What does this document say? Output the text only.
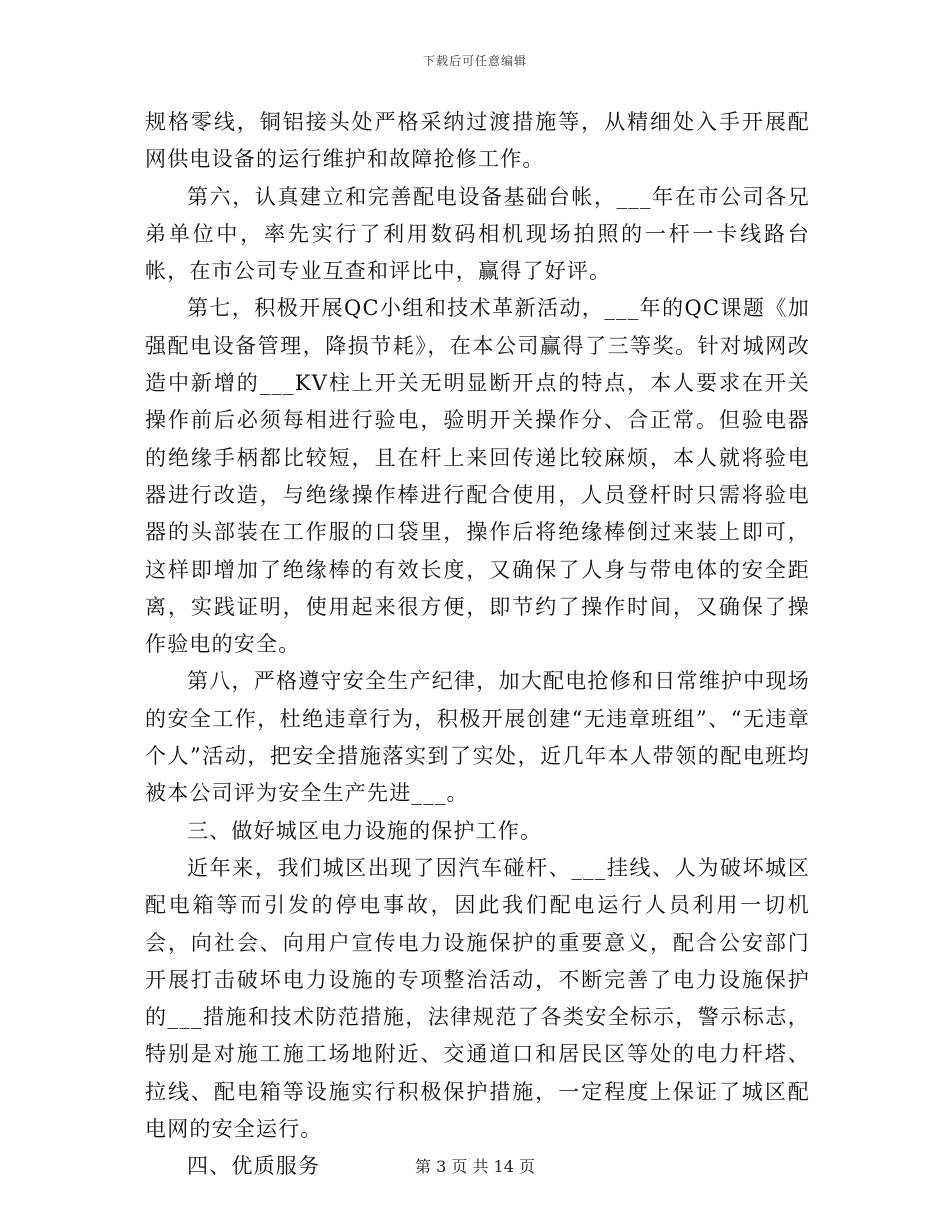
下载后可任意编辑

规格零线，铜铝接头处严格采纳过渡措施等，从精细处入手开展配网供电设备的运行维护和故障抢修工作。

第六，认真建立和完善配电设备基础台帐，___年在市公司各兄弟单位中，率先实行了利用数码相机现场拍照的一杆一卡线路台帐，在市公司专业互查和评比中，赢得了好评。

第七，积极开展QC小组和技术革新活动，___年的QC课题《加强配电设备管理，降损节耗》，在本公司赢得了三等奖。针对城网改造中新增的___KV柱上开关无明显断开点的特点，本人要求在开关操作前后必须每相进行验电，验明开关操作分、合正常。但验电器的绝缘手柄都比较短，且在杆上来回传递比较麻烦，本人就将验电器进行改造，与绝缘操作棒进行配合使用，人员登杆时只需将验电器的头部装在工作服的口袋里，操作后将绝缘棒倒过来装上即可，这样即增加了绝缘棒的有效长度，又确保了人身与带电体的安全距离，实践证明，使用起来很方便，即节约了操作时间，又确保了操作验电的安全。

第八，严格遵守安全生产纪律，加大配电抢修和日常维护中现场的安全工作，杜绝违章行为，积极开展创建“无违章班组”、“无违章个人”活动，把安全措施落实到了实处，近几年本人带领的配电班均被本公司评为安全生产先进___。

三、做好城区电力设施的保护工作。

近年来，我们城区出现了因汽车碰杆、___挂线、人为破坏城区配电箱等而引发的停电事故，因此我们配电运行人员利用一切机会，向社会、向用户宣传电力设施保护的重要意义，配合公安部门开展打击破坏电力设施的专项整治活动，不断完善了电力设施保护的___措施和技术防范措施，法律规范了各类安全标示，警示标志，特别是对施工施工场地附近、交通道口和居民区等处的电力杆塔、拉线、配电箱等设施实行积极保护措施，一定程度上保证了城区配电网的安全运行。

四、优质服务	第 3 页 共 14 页
